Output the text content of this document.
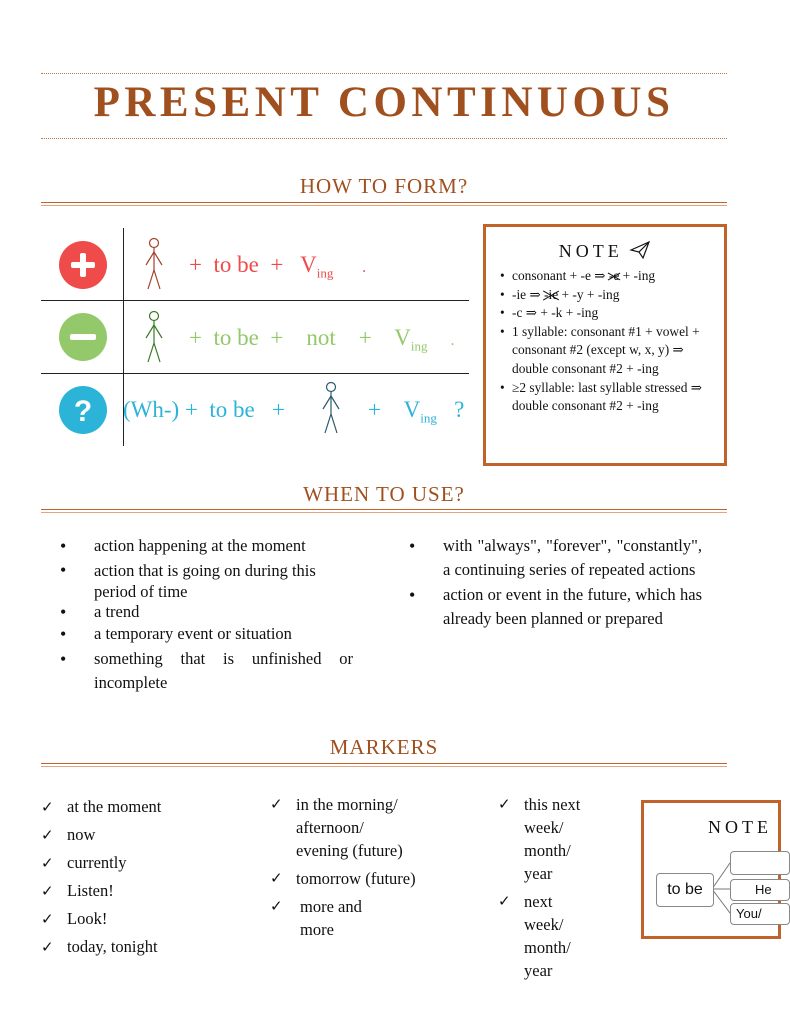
PRESENT CONTINUOUS
HOW TO FORM?
+ to be + $V_{ing}$ .
+ to be + not + $V_{ing}$ .
? (Wh-) + to be +	+ $V_{ing}$ ?
NOTE
• consonant + -e ⇒ -e + -ing
• -ie ⇒ -ie + -y + -ing
• -c ⇒ + -k + -ing
• 1 syllable: consonant #1 + vowel + consonant #2 (except w, x, y) ⇒ double consonant #2 + -ing
• ≥2 syllable: last syllable stressed ⇒ double consonant #2 + -ing
WHEN TO USE?
• action happening at the moment
• action that is going on during this period of time
• a trend
• a temporary event or situation
• something that is unfinished or incomplete
• with "always", "forever", "constantly", a continuing series of repeated actions
• action or event in the future, which has already been planned or prepared
MARKERS
✓ at the moment
✓ now
✓ currently
✓ Listen!
✓ Look!
✓ today, tonight
✓ in the morning/ afternoon/ evening (future)
✓ tomorrow (future)
✓ more and more
✓ this next week/ month/ year
✓ next week/ month/ year
NOTE
to be	He
You/
